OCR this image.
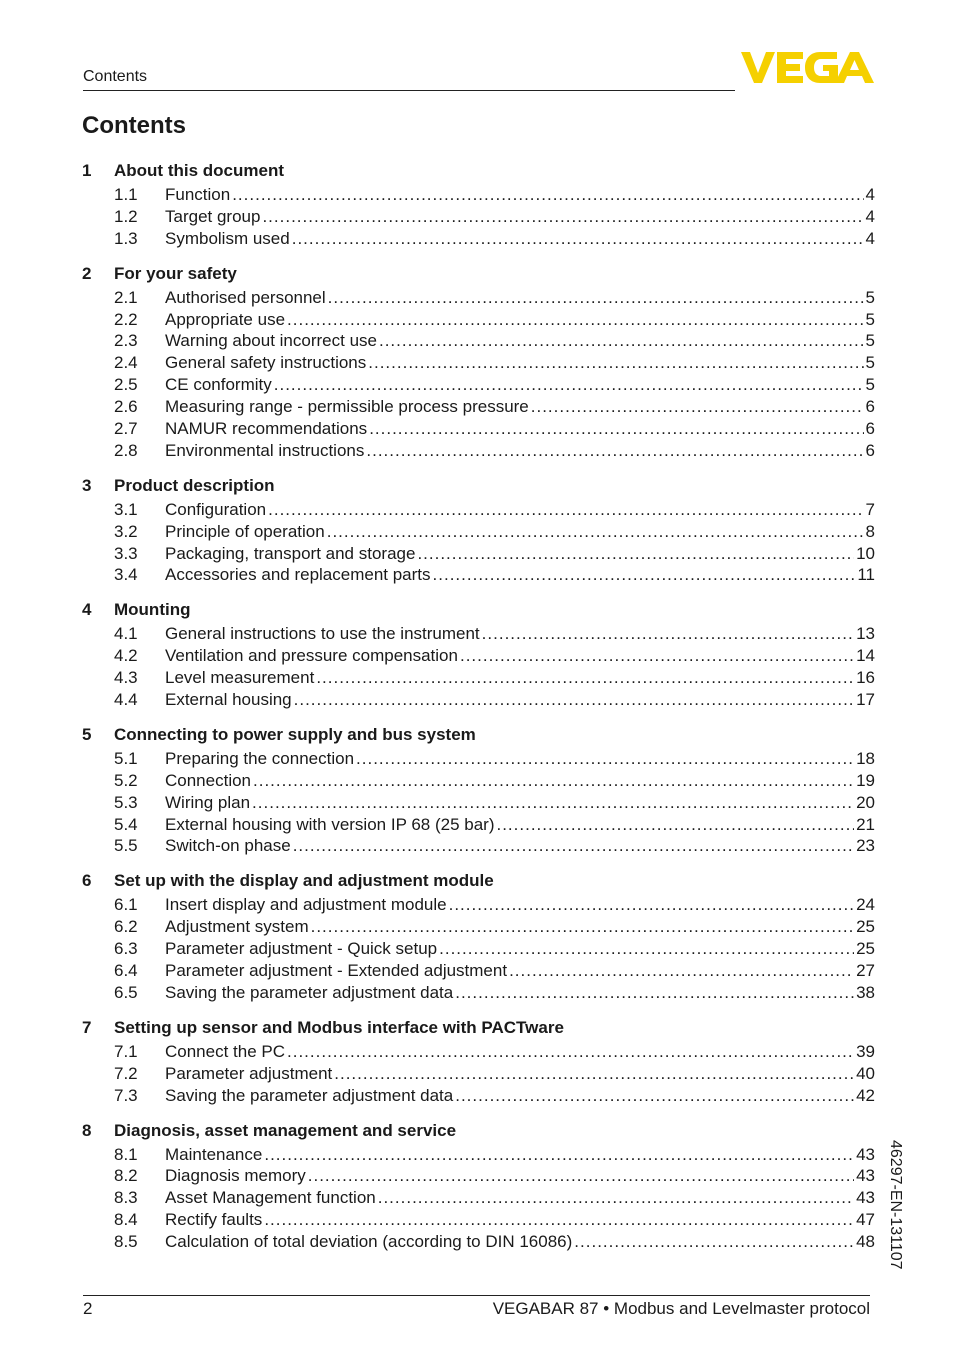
Contents
Contents
1	About this document
1.1	Function .....	4
1.2	Target group .....	4
1.3	Symbolism used .....	4
2	For your safety
2.1	Authorised personnel .....	5
2.2	Appropriate use .....	5
2.3	Warning about incorrect use .....	5
2.4	General safety instructions .....	5
2.5	CE conformity .....	5
2.6	Measuring range - permissible process pressure .....	6
2.7	NAMUR recommendations .....	6
2.8	Environmental instructions .....	6
3	Product description
3.1	Configuration .....	7
3.2	Principle of operation .....	8
3.3	Packaging, transport and storage .....	10
3.4	Accessories and replacement parts .....	11
4	Mounting
4.1	General instructions to use the instrument .....	13
4.2	Ventilation and pressure compensation .....	14
4.3	Level measurement .....	16
4.4	External housing .....	17
5	Connecting to power supply and bus system
5.1	Preparing the connection .....	18
5.2	Connection .....	19
5.3	Wiring plan .....	20
5.4	External housing with version IP 68 (25 bar) .....	21
5.5	Switch-on phase .....	23
6	Set up with the display and adjustment module
6.1	Insert display and adjustment module .....	24
6.2	Adjustment system .....	25
6.3	Parameter adjustment - Quick setup .....	25
6.4	Parameter adjustment - Extended adjustment .....	27
6.5	Saving the parameter adjustment data .....	38
7	Setting up sensor and Modbus interface with PACTware
7.1	Connect the PC .....	39
7.2	Parameter adjustment .....	40
7.3	Saving the parameter adjustment data .....	42
8	Diagnosis, asset management and service
8.1	Maintenance .....	43
8.2	Diagnosis memory .....	43
8.3	Asset Management function .....	43
8.4	Rectify faults .....	47
8.5	Calculation of total deviation (according to DIN 16086) .....	48
2	VEGABAR 87 • Modbus and Levelmaster protocol
46297-EN-131107
